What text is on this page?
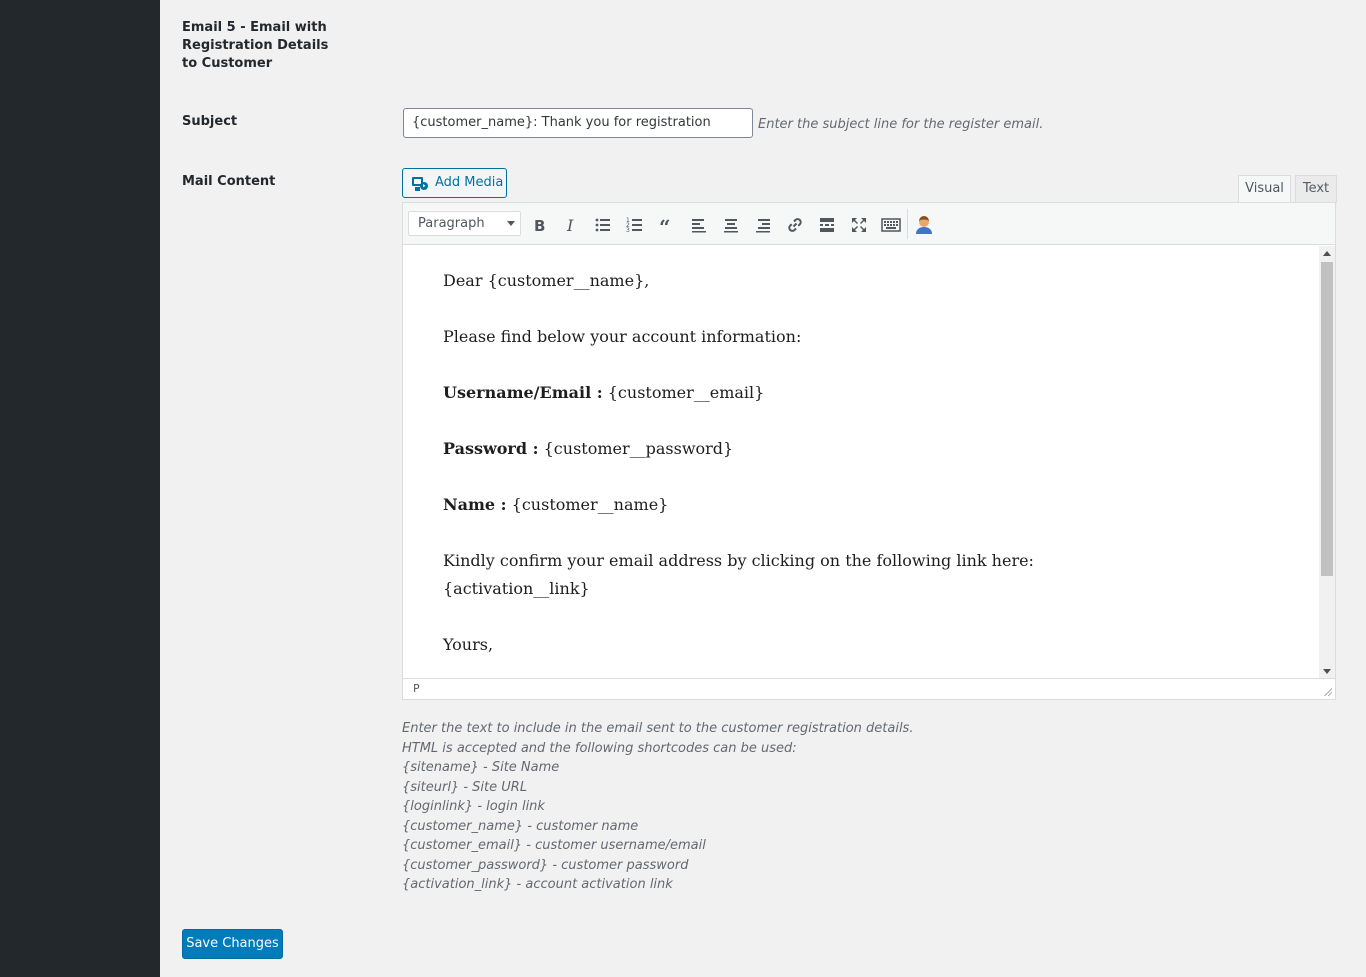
Email 5 - Email with Registration Details to Customer
Subject	{customer_name}: Thank you for registration	Enter the subject line for the register email.
Mail Content	Add Media	Visual	Text
Paragraph	B I	1
2
3 “

Dear {customer__name},

Please find below your account information:

Username/Email : {customer__email}

Password : {customer__password}

Name : {customer__name}

Kindly confirm your email address by clicking on the following link here:

{activation__link}

Yours,

P
Enter the text to include in the email sent to the customer registration details.
HTML is accepted and the following shortcodes can be used:
{sitename} - Site Name
{siteurl} - Site URL
{loginlink} - login link
{customer_name} - customer name
{customer_email} - customer username/email
{customer_password} - customer password
{activation_link} - account activation link
Save Changes
